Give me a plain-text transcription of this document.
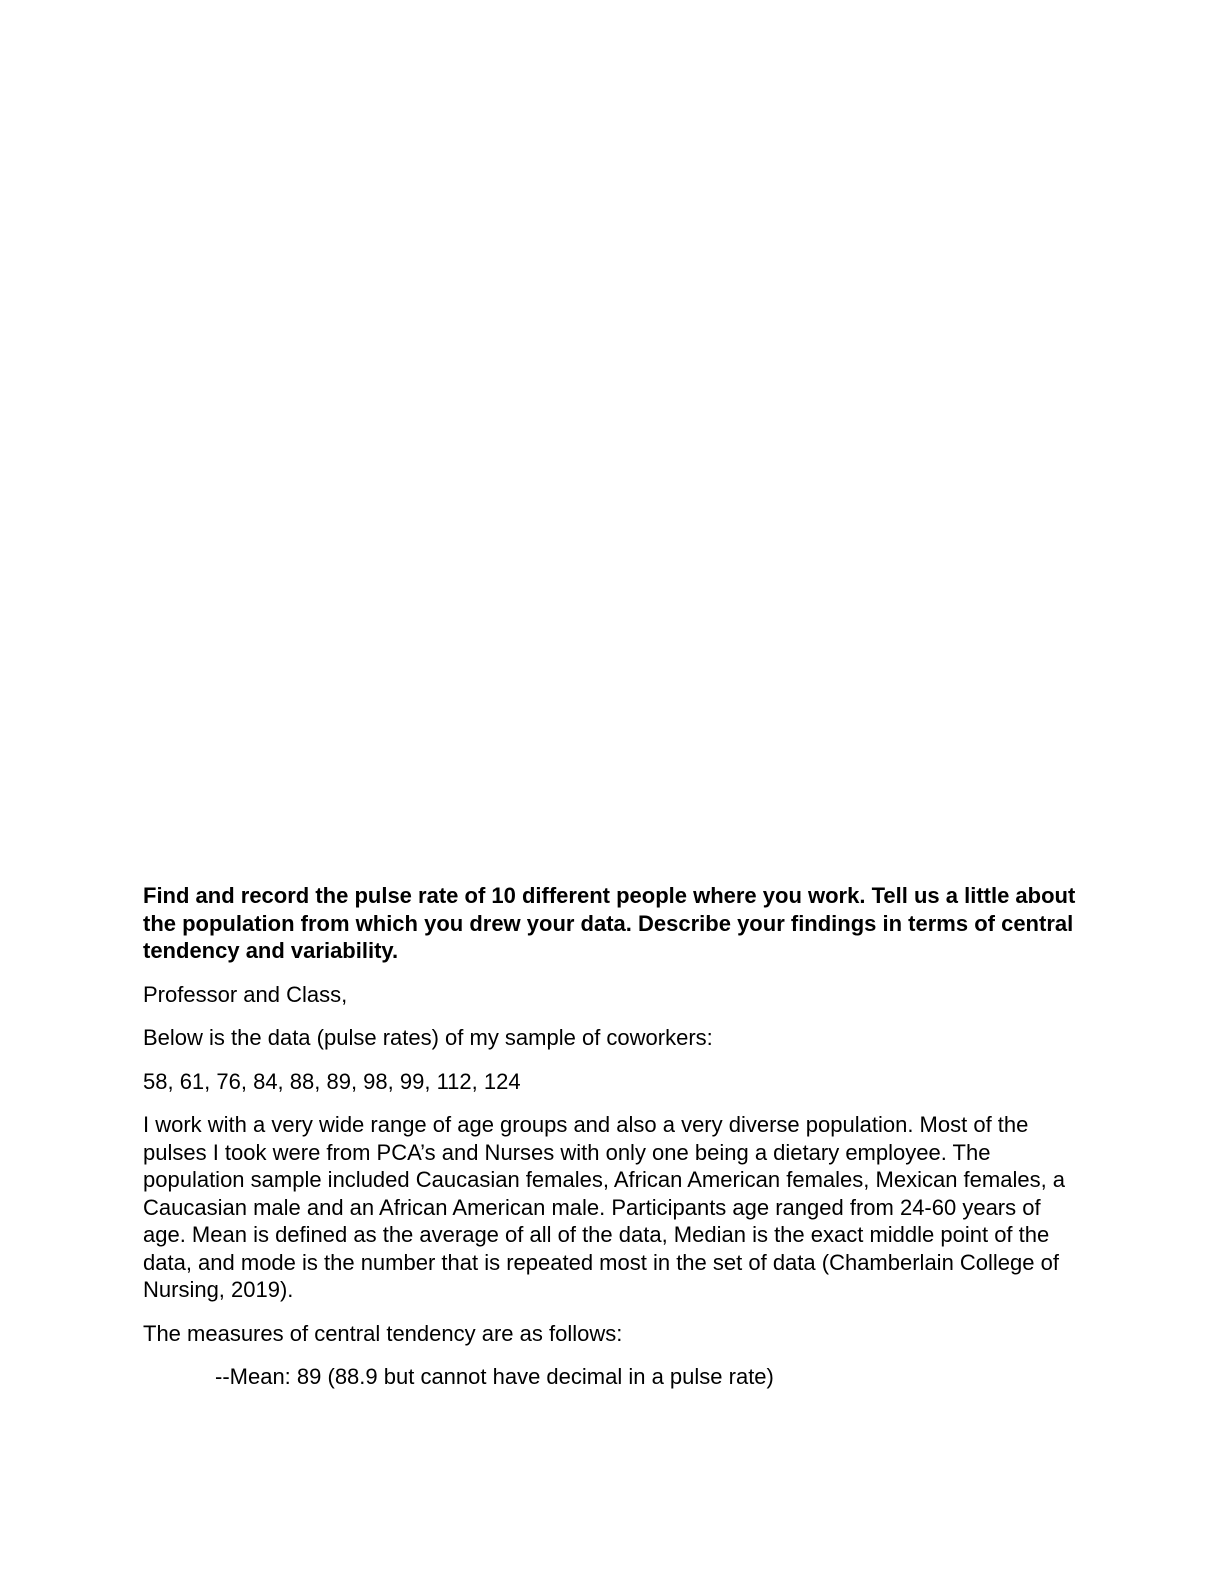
Find and record the pulse rate of 10 different people where you work. Tell us a little about the population from which you drew your data. Describe your findings in terms of central tendency and variability.

Professor and Class,

Below is the data (pulse rates) of my sample of coworkers:

58, 61, 76, 84, 88, 89, 98, 99, 112, 124

I work with a very wide range of age groups and also a very diverse population. Most of the pulses I took were from PCA’s and Nurses with only one being a dietary employee. The population sample included Caucasian females, African American females, Mexican females, a Caucasian male and an African American male. Participants age ranged from 24-60 years of age. Mean is defined as the average of all of the data, Median is the exact middle point of the data, and mode is the number that is repeated most in the set of data (Chamberlain College of Nursing, 2019).

The measures of central tendency are as follows:

--Mean: 89 (88.9 but cannot have decimal in a pulse rate)
